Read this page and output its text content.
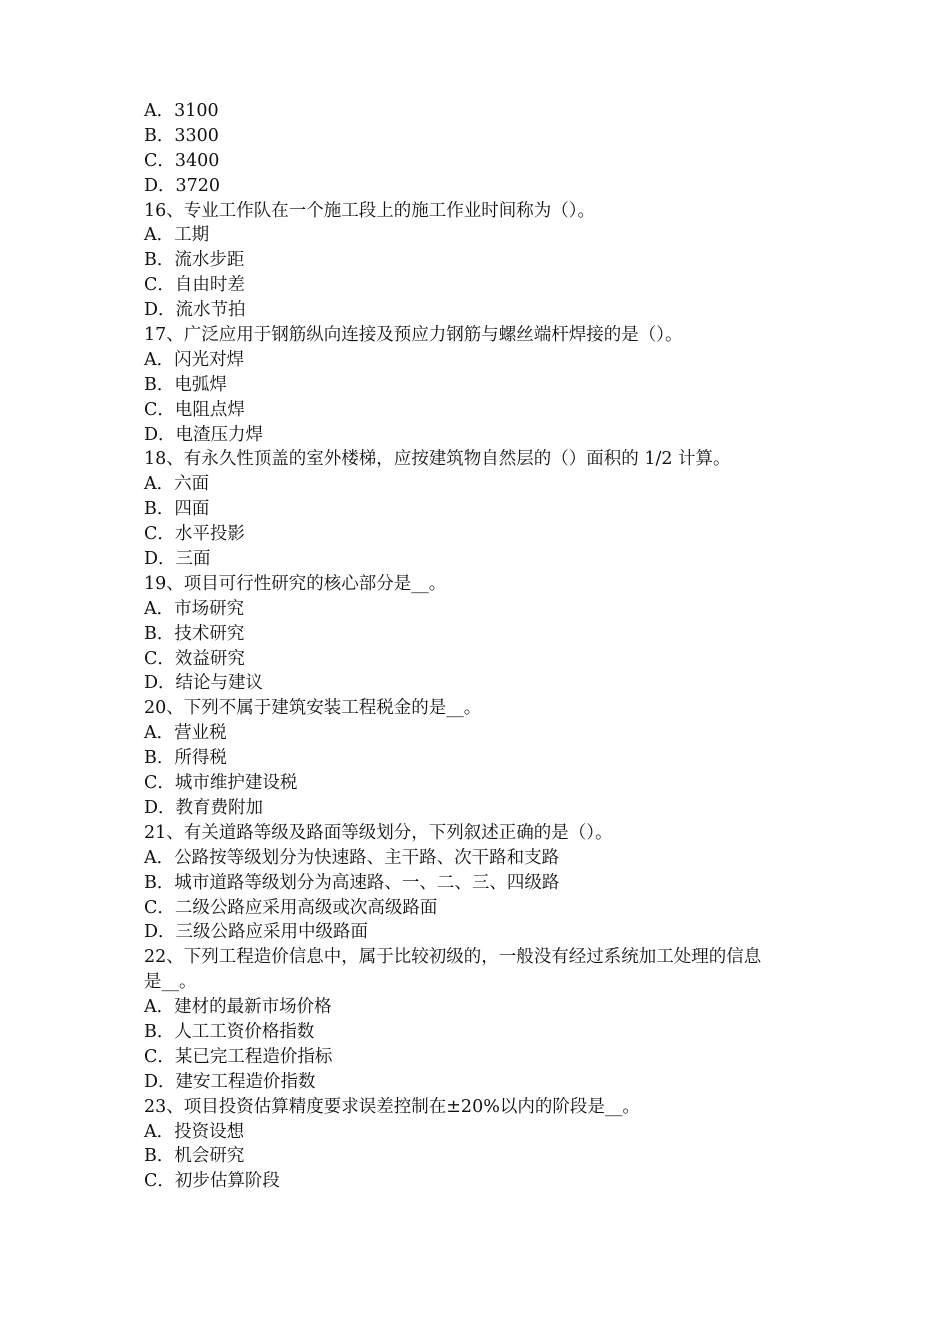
A．3100
B．3300
C．3400
D．3720
16、专业工作队在一个施工段上的施工作业时间称为（）。
A．工期
B．流水步距
C．自由时差
D．流水节拍
17、广泛应用于钢筋纵向连接及预应力钢筋与螺丝端杆焊接的是（）。
A．闪光对焊
B．电弧焊
C．电阻点焊
D．电渣压力焊
18、有永久性顶盖的室外楼梯，应按建筑物自然层的（）面积的 1/2 计算。
A．六面
B．四面
C．水平投影
D．三面
19、项目可行性研究的核心部分是__。
A．市场研究
B．技术研究
C．效益研究
D．结论与建议
20、下列不属于建筑安装工程税金的是__。
A．营业税
B．所得税
C．城市维护建设税
D．教育费附加
21、有关道路等级及路面等级划分，下列叙述正确的是（）。
A．公路按等级划分为快速路、主干路、次干路和支路
B．城市道路等级划分为高速路、一、二、三、四级路
C．二级公路应采用高级或次高级路面
D．三级公路应采用中级路面
22、下列工程造价信息中，属于比较初级的，一般没有经过系统加工处理的信息
是__。
A．建材的最新市场价格
B．人工工资价格指数
C．某已完工程造价指标
D．建安工程造价指数
23、项目投资估算精度要求误差控制在±20%以内的阶段是__。
A．投资设想
B．机会研究
C．初步估算阶段
